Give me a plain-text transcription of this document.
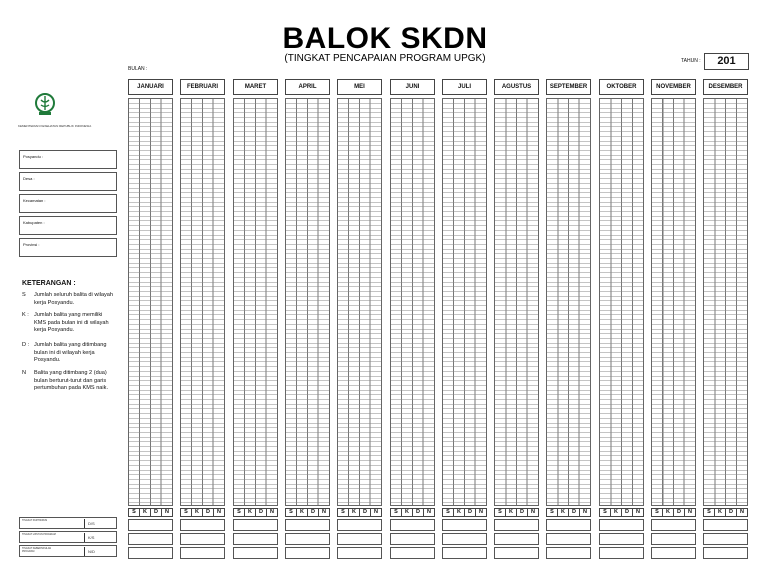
BALOK SKDN
(TINGKAT PENCAPAIAN PROGRAM UPGK)
BULAN :
TAHUN :	201
KEMENTERIAN KESEHATAN REPUBLIK INDONESIA
Posyandu :
Desa :
Kecamatan :
Kabupaten :
Provinsi :
KETERANGAN :
S	Jumlah seluruh balita di wilayah kerja Posyandu.
K : Jumlah balita yang memiliki KMS pada bulan ini di wilayah kerja Posyandu.
D : Jumlah balita yang ditimbang bulan ini di wilayah kerja Posyandu.
N	Balita yang ditimbang 2 (dua) bulan berturut-turut dan garis pertumbuhan pada KMS naik.
TINGKAT PARTISIPASI
D/S
TINGKAT LIPUTAN PROGRAM
K/S
TINGKAT KEBERHASILAN PROGRAM	N/D
JANUARI
S	K	D	N
FEBRUARI
S	K	D	N
MARET
S	K	D	N
APRIL
S	K	D	N
MEI
S	K	D	N
JUNI
S	K	D	N
JULI
S	K	D	N
AGUSTUS
S	K	D	N
SEPTEMBER
S	K	D	N
OKTOBER
S	K	D	N
NOVEMBER
S	K	D	N
DESEMBER
S	K	D	N
